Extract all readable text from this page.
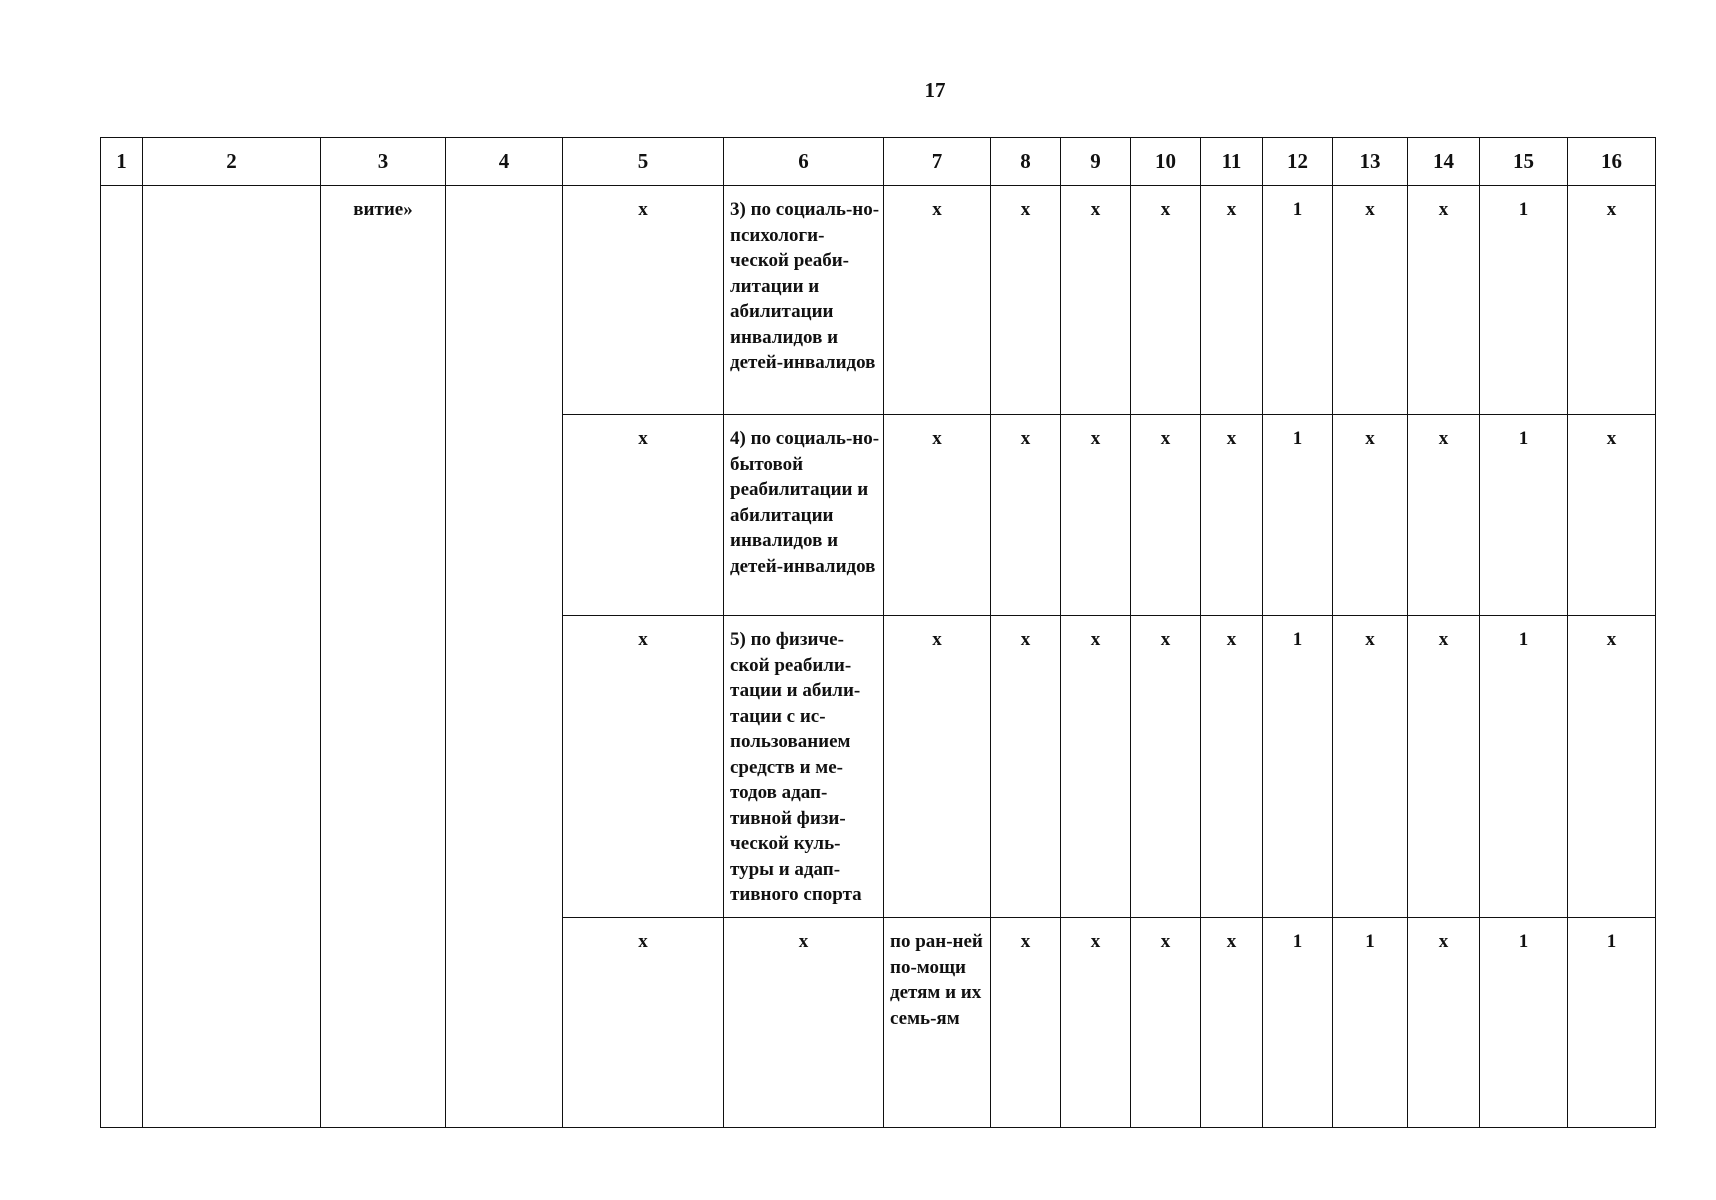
17
1	2	3	4	5	6	7	8	9	10	11	12	13	14	15	16
		витие»		x	3) по социаль-но-психологи-ческой реаби-литации и абилитации инвалидов и детей-инвалидов	x	x	x	x	x	1	x	x	1	x
				x	4) по социаль-но-бытовой реабилитации и абилитации инвалидов и детей-инвалидов	x	x	x	x	x	1	x	x	1	x
				x	5) по физиче-ской реабили-тации и абили-тации с ис-пользованием средств и ме-тодов адап-тивной физи-ческой куль-туры и адап-тивного спорта	x	x	x	x	x	1	x	x	1	x
				x	x	по ран-ней по-мощи детям и их семь-ям	x	x	x	x	1	1	x	1	1
